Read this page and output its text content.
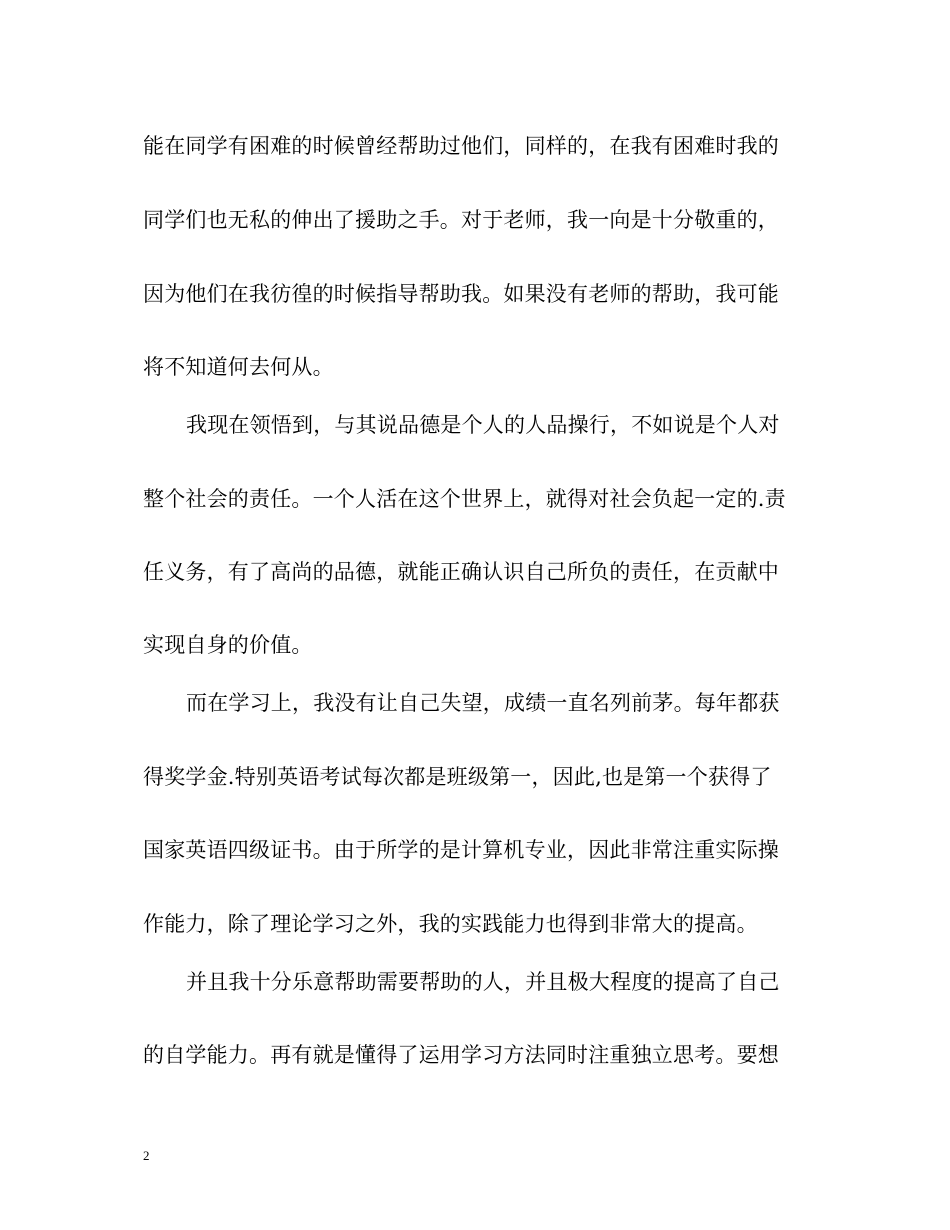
能在同学有困难的时候曾经帮助过他们，同样的，在我有困难时我的
同学们也无私的伸出了援助之手。对于老师，我一向是十分敬重的，
因为他们在我彷徨的时候指导帮助我。如果没有老师的帮助，我可能
将不知道何去何从。
我现在领悟到，与其说品德是个人的人品操行，不如说是个人对
整个社会的责任。一个人活在这个世界上，就得对社会负起一定的.责
任义务，有了高尚的品德，就能正确认识自己所负的责任，在贡献中
实现自身的价值。
而在学习上，我没有让自己失望，成绩一直名列前茅。每年都获
得奖学金.特别英语考试每次都是班级第一，因此,也是第一个获得了
国家英语四级证书。由于所学的是计算机专业，因此非常注重实际操
作能力，除了理论学习之外，我的实践能力也得到非常大的提高。
并且我十分乐意帮助需要帮助的人，并且极大程度的提高了自己
的自学能力。再有就是懂得了运用学习方法同时注重独立思考。要想
2
